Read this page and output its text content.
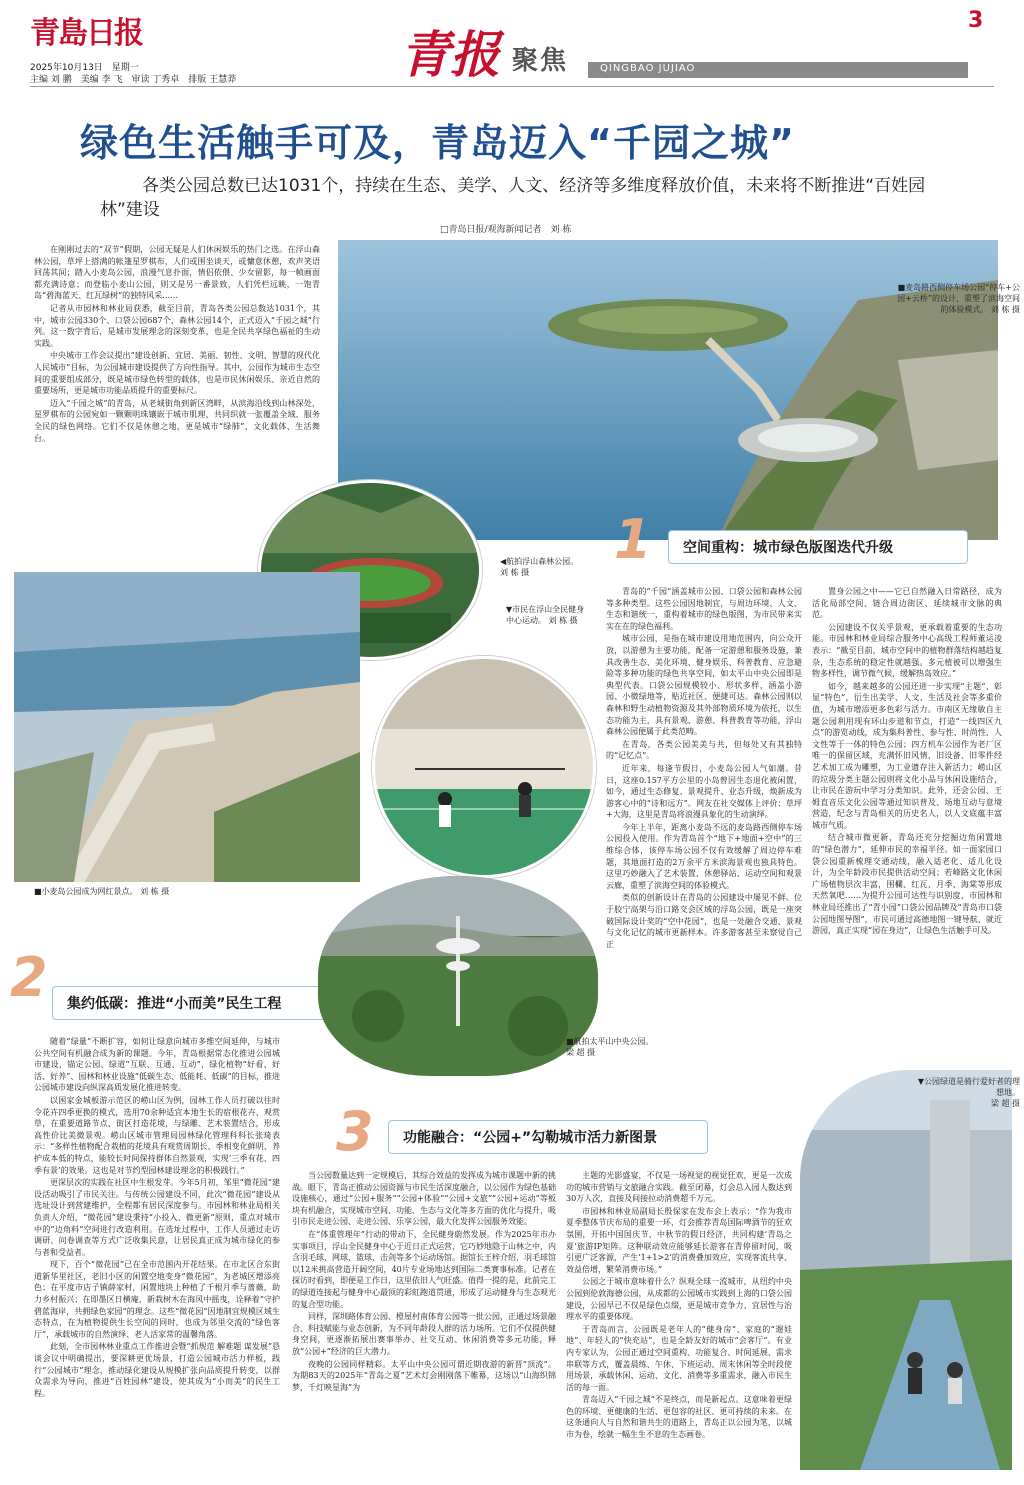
青島日报
2025年10月13日　星期一
主编 刘 鹏　美编 李 飞　审读 丁秀卓　排版 王慧莽	青报 聚焦	QINGBAO JUJIAO
3
绿色生活触手可及，青岛迈入“千园之城”
各类公园总数已达1031个，持续在生态、美学、人文、经济等多维度释放价值，未来将不断推进“百姓园林”建设
□青岛日报/观海新闻记者　刘 栋

在刚刚过去的“双节”假期，公园无疑是人们休闲娱乐的热门之选。在浮山森林公园，草坪上搭满的帐篷星罗棋布，人们或围坐谈天，或慵意休憩，欢声笑语回荡其间；踏入小麦岛公园，浪漫气息扑面，情侣依偎、少女留影，每一帧画面都充满诗意；而登临小麦山公园，则又是另一番景致，人们凭栏远眺，一饱青岛“碧海蓝天、红瓦绿树”的独特风采……

记者从市园林和林业局获悉，截至目前，青岛各类公园总数达1031个，其中，城市公园330个、口袋公园687个、森林公园14个，正式迈入“千园之城”行列。这一数字背后，是城市发展理念的深刻变革，也是全民共享绿色福祉的生动实践。

中央城市工作会议提出“建设创新、宜居、美丽、韧性、文明、智慧的现代化人民城市”目标，为公园城市建设提供了方向性指导。其中，公园作为城市生态空间的重要组成部分，既是城市绿色转型的载体，也是市民休闲娱乐、亲近自然的重要场所，更是城市功能品质提升的重要标尺。

迈入“千园之城”的青岛，从老城街角到新区湾畔，从滨海沿线到山林深处，星罗棋布的公园宛如一颗颗明珠镶嵌于城市肌理，共同织就一张覆盖全域、服务全民的绿色网络。它们不仅是休憩之地，更是城市“绿肺”、文化载体、生活舞台。

■麦岛路西侧停车场公园“停车+公园+云桥”的设计，重塑了滨海空间的体验模式。 刘 栋 摄
◀航拍浮山森林公园。 刘 栋 摄
1	空间重构：城市绿色版图迭代升级
■小麦岛公园成为网红景点。 刘 栋 摄
▼市民在浮山全民健身中心运动。 刘 栋 摄

青岛的“千园”涵盖城市公园、口袋公园和森林公园等多种类型。这些公园因地制宜，与周边环境、人文、生态和谐统一，重构着城市的绿色版图，为市民带来实实在在的绿色福利。

城市公园，是指在城市建设用地范围内，向公众开放，以游憩为主要功能，配备一定游憩和服务设施，兼具改善生态、美化环境、健身娱乐、科普教育、应急避险等多种功能的绿色共享空间，如太平山中央公园即是典型代表。口袋公园规模较小、形状多样，涵盖小游园、小微绿地等，贴近社区、便捷可达。森林公园则以森林和野生动植物资源及其外部物质环境为依托，以生态功能为主，具有景观、游憩、科普教育等功能，浮山森林公园便属于此类范畴。

在青岛，各类公园美美与共，但每处又有其独特的“记忆点”。

近年来，每逢节假日，小麦岛公园人气如潮。昔日，这座0.157平方公里的小岛曾因生态退化被闲置，如今，通过生态修复、景观提升、业态升级，焕新成为游客心中的“诗和远方”。网友在社交媒体上评价：草坪+大海，这里是青岛将浪漫具象化的生动演绎。

今年上半年，距离小麦岛不远的麦岛路西侧停车场公园投入使用。作为青岛首个“地下+地面+空中”的三维综合体，该停车场公园不仅有效缓解了周边停车难题，其地面打造的2万余平方米滨海景观也独具特色。这里巧妙融入了艺术装置、休憩驿站、运动空间和观景云廊，重塑了滨海空间的体验模式。

类似的创新设计在青岛的公园建设中屡见不鲜。位于胶宁高架与沿口路交会区域的浮岛公园，既是一座突破国际设计奖的“空中花园”，也是一处融合交通、景观与文化记忆的城市更新样本。许多游客甚至未察觉自己正

置身公园之中——它已自然融入日常路径，成为活化局部空间、链合周边街区、延续城市文脉的典范。

公园建设不仅关乎景观，更承载着重要的生态功能。市园林和林业局综合服务中心高级工程师董运凌表示：“截至目前，城市空间中的植物群落结构越趋复杂，生态系统的稳定性就越强。多元植被可以增强生物多样性，调节微气候，缓解热岛效应。”

如今，越来越多的公园还进一步实现“主题”、彰显“特色”，衍生出美学、人文、生活及社会等多重价值，为城市增添更多色彩与活力。市南区无缘敏自主题公园利用现有环山步道和节点，打造“一线四区九点”的游览动线，成为集科普性、参与性、时尚性、人文性等于一体的特色公园；四方机车公园作为老厂区唯一的保留区域，充满怀旧风情，旧设备、旧零件经艺术加工成为雕塑，为工业遗存注入新活力；崂山区的垃圾分类主题公园则将文化小品与休闲设施结合，让市民在游玩中学习分类知识。此外，还会公园、王姆直音乐文化公园等通过知识普及、场地互动与意境营造，纪念与青岛相关的历史名人，以人文底蕴丰富城市气质。

结合城市微更新，青岛还充分挖掘边角闲置地的“绿色潜力”，延伸市民的幸福半径。如一面家园口袋公园重新梳理交通动线，融入适老化、适儿化设计，为全年龄段市民提供活动空间；若峰路文化休闲广场植物层次丰富，围欄、红瓦、月季、海棠等形成天然氧吧……为提升公园可达性与识别度，市园林和林业局还推出了“青小园”口袋公园品牌及“青岛市口袋公园地图导图”，市民可通过高德地图一键导航、就近游园，真正实现“园在身边”，让绿色生活触手可及。

2	集约低碳：推进“小而美”民生工程
■航拍太平山中央公园。
梁 超 摄

随着“绿量”不断扩容，如何让绿意向城市多维空间延伸，与城市公共空间有机融合成为新的课题。今年，青岛根据常态化推进公园城市建设，锚定公园、绿道“互联、互通、互动”，绿化植物“好看、好活、好养”、园林和林业设施“低碳生态、低能耗、低碳”的目标，推进公园城市建设向纵深高质发展化推进转变。

以困家金城板游示范区的崂山区为例，园林工作人员打破以往时令花卉四季更换的模式，选用70余种适宜本地生长的宿根花卉、观赏草，在重要道路节点、街区打造花境，与绿雕、艺术装置结合，形成高性价比美微景观。崂山区城市管理局园林绿化管理科科长张琦表示：“多样性植物配合栽植的花境具有观赏周期长、季相变化鲜明、养护成本低的特点，能较长时间保持群体自然景观，实现‘三季有花、四季有景’的效果。这也是对节约型园林建设理念的积极践行。”

更深层次的实践在社区中生根发芽。今年5月初，邹里“微花园”建设活动吸引了市民关注。与传统公园建设不同，此次“微花园”建设从选址设计到营建维护，全程都有居民深度参与。市园林和林业局相关负责人介绍，“微花园”建设秉持“小投入、微更新”原则，重点对城市中的“边角料”空间进行改造利用。在选址过程中，工作人员通过走访调研、问卷调查等方式广泛收集民意，让居民真正成为城市绿化的参与者和受益者。

现下，百个“微花园”已在全市范围内开花结果。在市北区合东街道新华里社区，老旧小区的闲置空地变身“微花园”，为老城区增添亮色；在平度市店子镇薛家村，闲置地块上种植了千根月季与蔷薇，助力乡村振兴；在即墨区日横庵，新栽树木在海风中摇曳，诠释着“守护碧蓝海岸，共拥绿色家园”的理念。这些“微花园”因地制宜规模区域生态特点，在为植物提供生长空间的同时，也成为邻里交流的“绿色客厅”，承载城市的自然演绎、老人活家常的温馨角落。

此刻，全市园林林业重点工作推进会暨“抓规范 解难题 谋发展”恳谈会议中明确提出，要深耕更优场景，打造公园城市活力样板，践行“公园城市”理念，推动绿化建设从规模扩张向品质提升转变，以群众需求为导向，推进“百姓园林”建设，使其成为“小而美”的民生工程。

3	功能融合：“公园+”勾勒城市活力新图景

当公园数量达到一定规模后，其综合效益的发挥成为城市课题中新的挑战。眼下，青岛正推动公园资源与市民生活深度融合，以公园作为绿色基础设施核心，通过“公园+服务”“公园+体验”“公园+文旅”“公园+运动”等板块有机融合，实现城市空间、功能、生态与文化等多方面的优化与提升，吸引市民走进公园、走进公园、乐享公园，最大化发挥公园服务效能。

在“体重管理年”行动的带动下，全民健身蔚然发展。作为2025年市办实事项目，浮山全民健身中心于近日正式运营，它巧妙地隐于山林之中，内含羽毛球、网球、篮球、击剑等多个运动场馆。据馆长王梓介绍，羽毛球馆以12米挑高营造开阔空间，40片专业场地达到国际二类赛事标准。记者在探访时看到，即便是工作日，这里依旧人气旺盛。值得一提的是，此前完工的绿道连接起与健身中心最顶的彩虹跑道贯通，形成了运动健身与生态观光的复合型功能。

同样，深圳路体育公园、橙屋村南体育公园等一批公园，正通过场景融合、科技赋能与业态创新，为不同年龄段人群的活力场所。它们不仅提供健身空间，更逐渐拓展出赛事举办、社交互动、休闲消费等多元功能，释放“公园+”经济的巨大潜力。

夜晚的公园同样精彩。太平山中央公园可谓近期夜游的新晋“顶流”。为期83天的2025年“青岛之夏”艺术灯会刚刚落下帷幕，这场以“山海织锦梦，千灯映星海”为

主题的光影盛宴，不仅是一场视觉的视觉狂欢，更是一次成功的城市营销与文旅融合实践。截至闭幕，灯会总入园人数达到30万人次，直接及间接拉动消费超千万元。

市园林和林业局副局长殷保家在发布会上表示：“作为我市夏季整体节庆布局的重要一环，灯会推荐青岛国际啤酒节的狂欢氛围，开拓中国国庆节、中秋节的假日经济，共同构建‘青岛之夏’旅游IP矩阵。这种联动效应能够延长游客在青停留时间，吸引更广泛客源，产生‘1+1>2’的消费叠加效应，实现客流共享、效益倍增，繁荣消费市场。”

公园之于城市意味着什么？纵观全球一流城市，从纽约中央公园到伦敦海德公园，从成都的公园城市实践到上海的口袋公园建设，公园早已不仅是绿色点缀，更是城市竞争力、宜居性与治理水平的重要体现。

于青岛而言，公园既是老年人的“健身房”、家庭的“遛娃地”、年轻人的“快充站”，也是全龄友好的城市“会客厅”。有业内专家认为，公园正通过空间重构、功能复合、时间延展、需求串联等方式，覆盖晨练、午休、下班运动、周末休闲等全时段使用场景，承载休闲、运动、文化、消费等多重需求，融入市民生活的每一面。

青岛迈入“千园之城”不是终点，而是新起点。这意味着更绿色的环境、更健康的生活、更包容的社区、更可持续的未来。在这条通向人与自然和谐共生的道路上，青岛正以公园为笔，以城市为卷，绘就一幅生生不息的生态画卷。

▼公园绿道是骑行爱好者的理想地。
梁 超 摄
